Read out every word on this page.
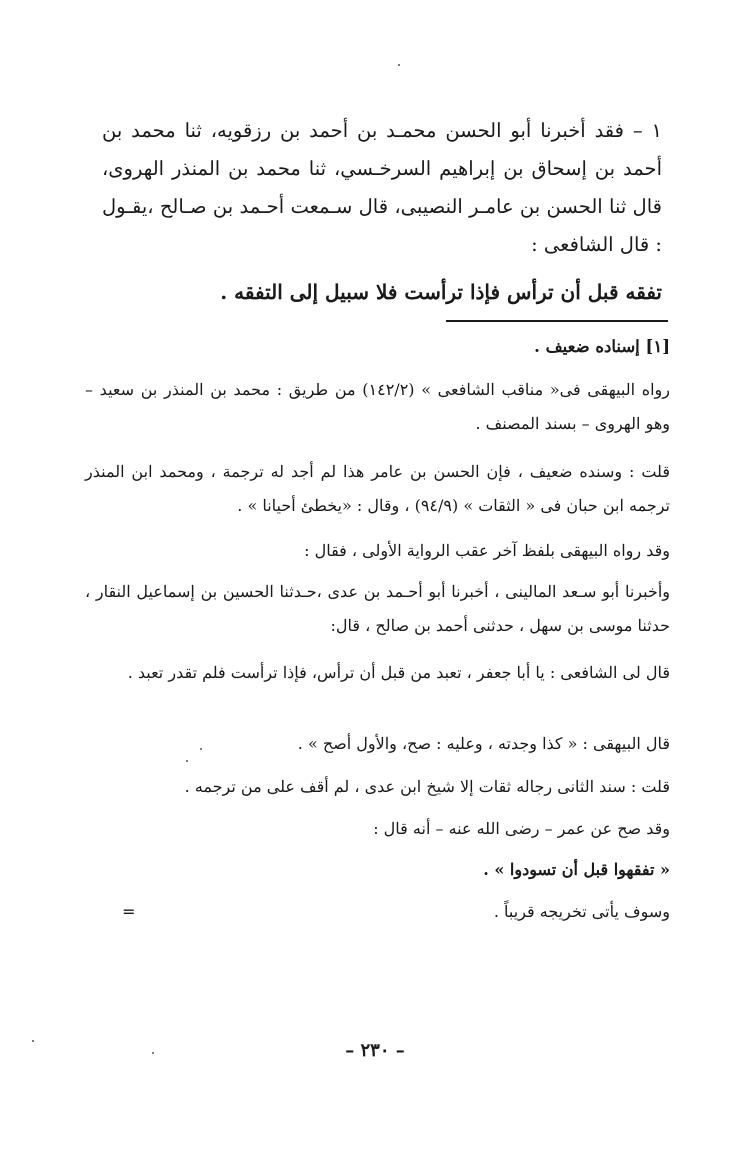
١ – فقد أخبرنا أبو الحسن محمـد بن أحمد بن رزقويه، ثنا محمد بن أحمد بن إسحاق بن إبراهيم السرخـسي، ثنا محمد بن المنذر الهروى، قال ثنا الحسن بن عامـر النصيبى، قال سـمعت أحـمد بن صـالح ،يقـول : قال الشافعى :
تفقه قبل أن ترأس فإذا ترأست فلا سبيل إلى التفقه .
[١] إسناده ضعيف .
رواه البيهقى فى« مناقب الشافعى » (١٤٢/٢) من طريق : محمد بن المنذر بن سعيد – وهو الهروى – بسند المصنف .
قلت : وسنده ضعيف ، فإن الحسن بن عامر هذا لم أجد له ترجمة ، ومحمد ابن المنذر ترجمه ابن حبان فى « الثقات » (٩٤/٩) ، وقال : «يخطئ أحيانا » .
وقد رواه البيهقى بلفظ آخر عقب الرواية الأولى ، فقال :
وأخبرنا أبو سـعد المالينى ، أخبرنا أبو أحـمد بن عدى ،حـدثنا الحسين بن إسماعيل النقار ، حدثنا موسى بن سهل ، حدثنى أحمد بن صالح ، قال:
قال لى الشافعى : يا أبا جعفر ، تعبد من قبل أن ترأس، فإذا ترأست فلم تقدر تعبد .
قال البيهقى : « كذا وجدته ، وعليه : صح، والأول أصح » .
قلت : سند الثانى رجاله ثقات إلا شيخ ابن عدى ، لم أقف على من ترجمه .
وقد صح عن عمر – رضى الله عنه – أنه قال :
« تفقهوا قبل أن تسودوا » .
وسوف يأتى تخريجه قريباً .
=
– ٢٣٠ –
